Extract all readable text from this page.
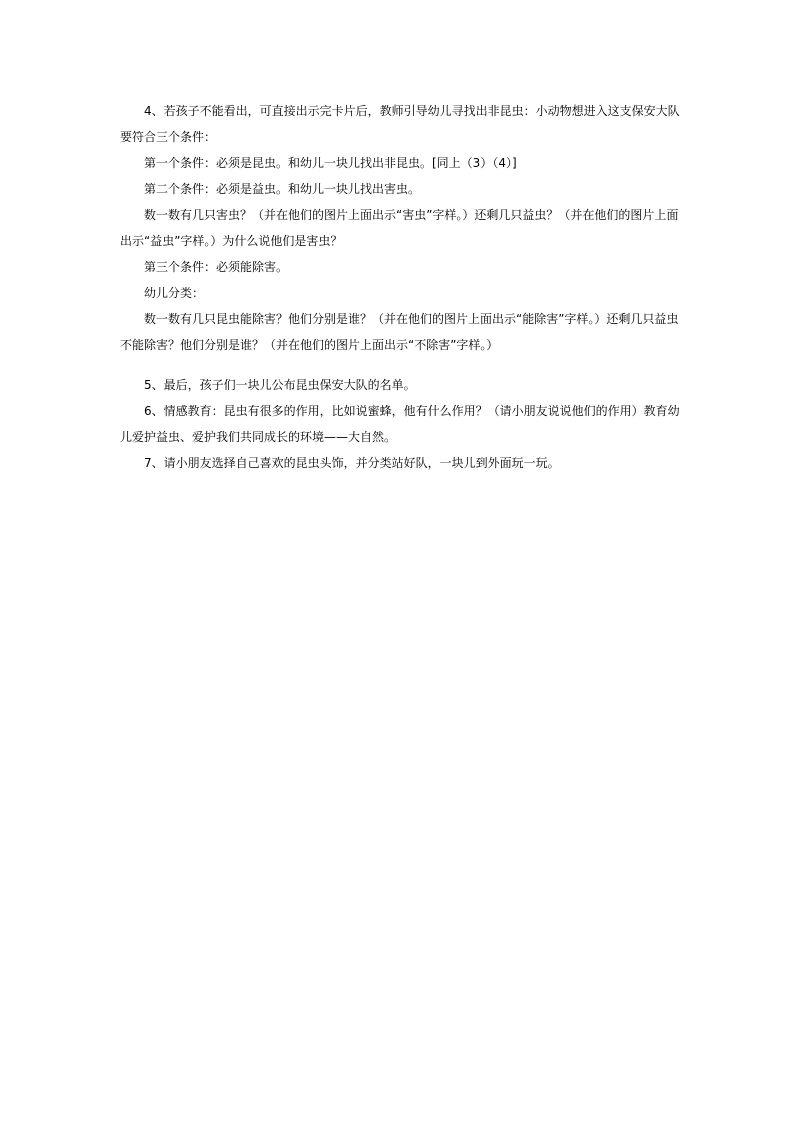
4、若孩子不能看出，可直接出示完卡片后，教师引导幼儿寻找出非昆虫：小动物想进入这支保安大队要符合三个条件：

第一个条件：必须是昆虫。和幼儿一块儿找出非昆虫。[同上（3）（4）]

第二个条件：必须是益虫。和幼儿一块儿找出害虫。

数一数有几只害虫？（并在他们的图片上面出示“害虫”字样。）还剩几只益虫？（并在他们的图片上面出示“益虫”字样。）为什么说他们是害虫？

第三个条件：必须能除害。

幼儿分类：

数一数有几只昆虫能除害？他们分别是谁？（并在他们的图片上面出示“能除害”字样。）还剩几只益虫不能除害？他们分别是谁？（并在他们的图片上面出示“不除害”字样。）

5、最后，孩子们一块儿公布昆虫保安大队的名单。

6、情感教育：昆虫有很多的作用，比如说蜜蜂，他有什么作用？（请小朋友说说他们的作用）教育幼儿爱护益虫、爱护我们共同成长的环境——大自然。

7、请小朋友选择自己喜欢的昆虫头饰，并分类站好队，一块儿到外面玩一玩。
